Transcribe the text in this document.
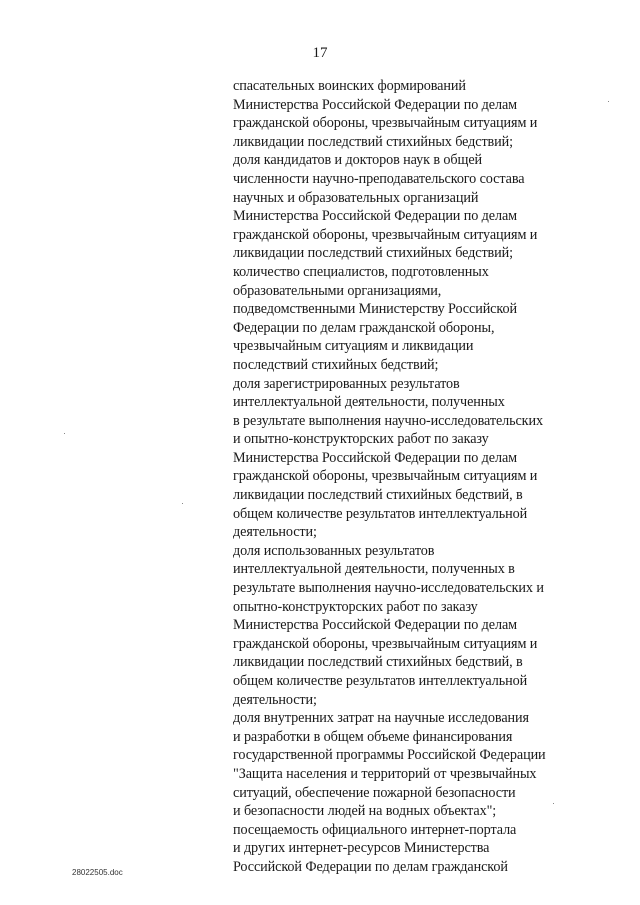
17
спасательных воинских формирований
Министерства Российской Федерации по делам
гражданской обороны, чрезвычайным ситуациям и
ликвидации последствий стихийных бедствий;
доля кандидатов и докторов наук в общей
численности научно-преподавательского состава
научных и образовательных организаций
Министерства Российской Федерации по делам
гражданской обороны, чрезвычайным ситуациям и
ликвидации последствий стихийных бедствий;
количество специалистов, подготовленных
образовательными организациями,
подведомственными Министерству Российской
Федерации по делам гражданской обороны,
чрезвычайным ситуациям и ликвидации
последствий стихийных бедствий;
доля зарегистрированных результатов
интеллектуальной деятельности, полученных
в результате выполнения научно-исследовательских
и опытно-конструкторских работ по заказу
Министерства Российской Федерации по делам
гражданской обороны, чрезвычайным ситуациям и
ликвидации последствий стихийных бедствий, в
общем количестве результатов интеллектуальной
деятельности;
доля использованных результатов
интеллектуальной деятельности, полученных в
результате выполнения научно-исследовательских и
опытно-конструкторских работ по заказу
Министерства Российской Федерации по делам
гражданской обороны, чрезвычайным ситуациям и
ликвидации последствий стихийных бедствий, в
общем количестве результатов интеллектуальной
деятельности;
доля внутренних затрат на научные исследования
и разработки в общем объеме финансирования
государственной программы Российской Федерации
"Защита населения и территорий от чрезвычайных
ситуаций, обеспечение пожарной безопасности
и безопасности людей на водных объектах";
посещаемость официального интернет-портала
и других интернет-ресурсов Министерства
Российской Федерации по делам гражданской
28022505.doc
